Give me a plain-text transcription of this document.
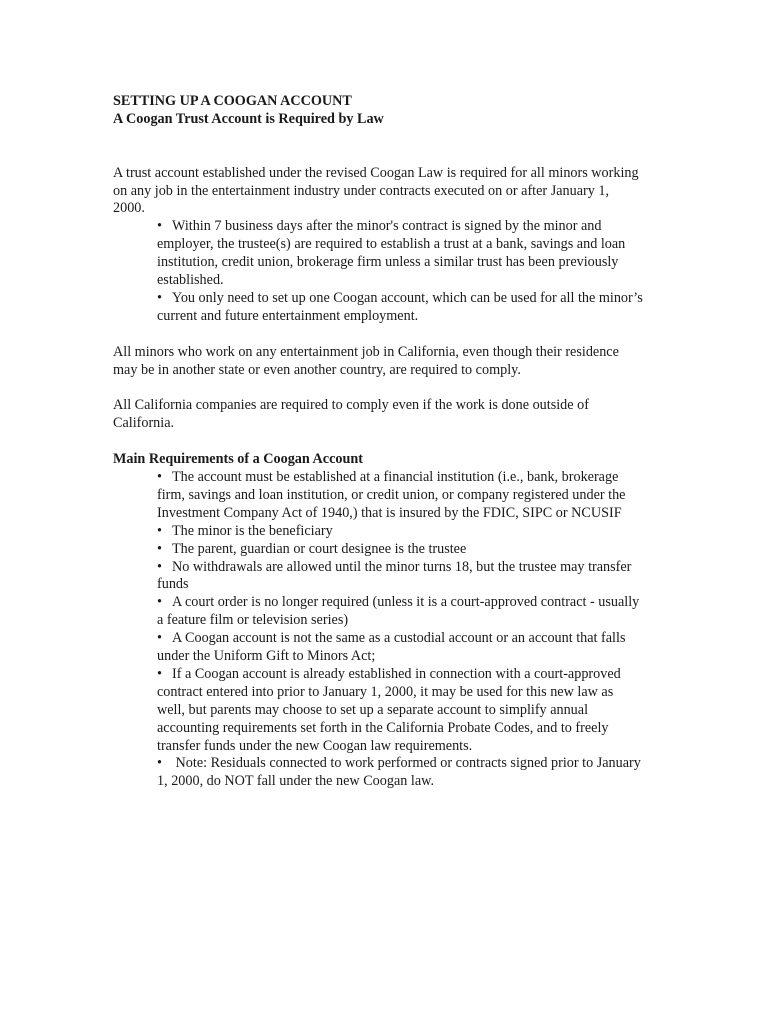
SETTING UP A COOGAN ACCOUNT

A Coogan Trust Account is Required by Law

A trust account established under the revised Coogan Law is required for all minors working on any job in the entertainment industry under contracts executed on or after January 1, 2000.

• Within 7 business days after the minor's contract is signed by the minor and employer, the trustee(s) are required to establish a trust at a bank, savings and loan institution, credit union, brokerage firm unless a similar trust has been previously established.
• You only need to set up one Coogan account, which can be used for all the minor’s current and future entertainment employment.

All minors who work on any entertainment job in California, even though their residence may be in another state or even another country, are required to comply.

All California companies are required to comply even if the work is done outside of California.

Main Requirements of a Coogan Account

• The account must be established at a financial institution (i.e., bank, brokerage firm, savings and loan institution, or credit union, or company registered under the Investment Company Act of 1940,) that is insured by the FDIC, SIPC or NCUSIF
• The minor is the beneficiary
• The parent, guardian or court designee is the trustee
• No withdrawals are allowed until the minor turns 18, but the trustee may transfer funds
• A court order is no longer required (unless it is a court-approved contract - usually a feature film or television series)
• A Coogan account is not the same as a custodial account or an account that falls under the Uniform Gift to Minors Act;
• If a Coogan account is already established in connection with a court-approved contract entered into prior to January 1, 2000, it may be used for this new law as well, but parents may choose to set up a separate account to simplify annual accounting requirements set forth in the California Probate Codes, and to freely transfer funds under the new Coogan law requirements.
• Note: Residuals connected to work performed or contracts signed prior to January 1, 2000, do NOT fall under the new Coogan law.
